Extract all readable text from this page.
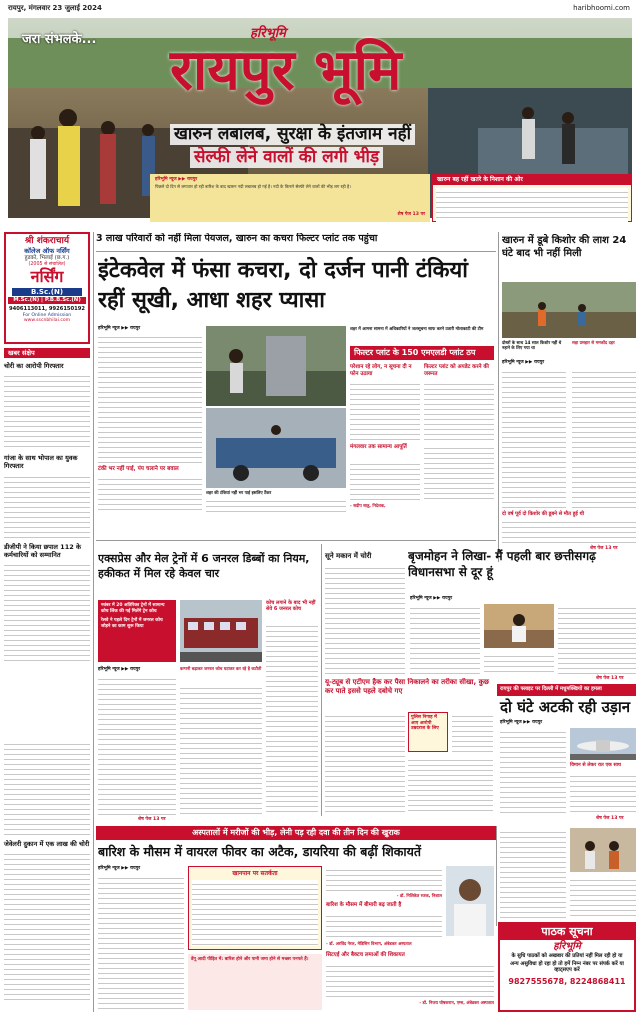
रायपुर, मंगलवार 23 जुलाई 2024	haribhoomi.com
जरा संभलके...	हरिभूमि
रायपुर भूमि
खारुन लबालब, सुरक्षा के इंतजाम नहीं
सेल्फी लेने वालों की लगी भीड़
हरिभूमि न्यूज ▶▶ रायपुर
पिछले दो दिन से लगातार हो रही बारिश के बाद खारुन नदी लबालब हो गई है। नदी के किनारे सेल्फी लेने वालों की भीड़ लग रही है।
शेष पेज 13 पर
खारुन बह रहीं खतरे के निशान की ओर
श्री शंकराचार्य
कॉलेज ऑफ नर्सिंग
हुडको, भिलाई (छ.ग.)
(2005 से संचालित)
नर्सिंग
B.Sc.(N)
M.Sc.(N) | P.B.B.Sc.(N)
9406113011, 9926150192
For Online Admission
www.sscnbhilai.com
3 लाख परिवारों को नहीं मिला पेयजल, खारुन का कचरा फिल्टर प्लांट तक पहुंचा
इंटेकवेल में फंसा कचरा, दो दर्जन पानी टंकियां रहीं सूखी, आधा शहर प्यासा
हरिभूमि न्यूज ▶▶ रायपुर	शहर में आमना सामना में अधिकारियों ने जलसूचना साफ करने उतारी मोलाकाटी की टीम
फिल्टर प्लांट के 150 एमएलडी प्लांट ठप
परेशान रहे लोग, न सूचना दी न फोन उठाया
फिल्टर प्लांट को अपडेट करने की जरूरत
मंगलवार तक सामान्य आपूर्ति
- सदीप साहू, निदेशक,
टंकी भर नहीं पाई, पंप चलाने पर बवाल
शहर की टंकियां नहीं भर पाई इसलिए टैंकर
खारुन में डूबे किशोर की लाश 24 घंटे बाद भी नहीं मिली
दोस्तों के साथ 14 साल किशोर नहीं थे नहाने के लिए गया था
सहा प्रसहार से ममकोंद दहर
हरिभूमि न्यूज ▶▶ रायपुर
दो वर्ष पूर्व दो किशोर की डूबने से मौत हुई थी
शेष पेज 13 पर
खबर संक्षेप
चोरी का आरोपी गिरफ्तार
गांजा के साथ भोपाल का युवक गिरफ्तार
डीजीपी ने किया छपाल 112 के कर्मचारियों को सम्मानित
जेवेलरी दुकान में एक लाख की चोरी
एक्सप्रेस और मेल ट्रेनों में 6 जनरल डिब्बों का नियम, हकीकत में मिल रहे केवल चार
नवंबर में 20 अतिरिक्त ट्रेनों में सामान्य कोच लिंक की गई मिलेंगे ट्रेन कोच
रेलवे ने पहले दिन ट्रेनों में जनरल कोच जोड़ने का काम शुरू किया
हरिभूमि न्यूज ▶▶ रायपुर	कम्पनी बढ़ाकर जनरल कोच घटाकर कर रहे है कटौती
कोच लगाने के बाद भी नहीं सेवे 6 जनरल कोच
शेष पेज 13 पर
सूने मकान में चोरी
यू-ट्यूब से एटीएम हैक कर पैसा निकालने का तरीका सीखा, कुछ कर पाते इससे पहले दबोचे गए
पुलिस निगाह में आए आरोपी उम्रदराज के लिए
बृजमोहन ने लिखा- मैं पहली बार छत्तीसगढ़ विधानसभा से दूर हूं
हरिभूमि न्यूज ▶▶ रायपुर
शेष पेज 13 पर
रायपुर की फ्लाइट पर दिल्ली में मधुमक्खियों का हमला
दो घंटे अटकी रही उड़ान
हरिभूमि न्यूज ▶▶ रायपुर
विमान से लेकर रात एक साथ
शेष पेज 13 पर
अस्पतालों में मरीजों की भीड़, लेनी पड़ रही दवा की तीन दिन की खुराक
बारिश के मौसम में वायरल फीवर का अटैक, डायरिया की बढ़ीं शिकायतें
हरिभूमि न्यूज ▶▶ रायपुर
खानपान पर सतर्कता
डेंगू आदी पीड़ित में: बारिश होने और पानी जमा होने से मच्छर पनपते हैं।
- डॉ. निशिकेत रजक, निशाल
बारिश के मौसम में बीमारी बढ़ जाती है
- डॉ. अरविंद नेरल, मेडिसिन विभाग, अंबेडकर अस्पताल
सिटएई और बैक्टच लमाओं की शिकायत
- डॉ. निजय घोषकरान, एम्स, अंबेडकर अस्पताल
पाठक सूचना
हरिभूमि
के सुधि पाठकों को अखबार की प्रतियां नहीं मिल रही हो या
अन्य असुविधा हो रहा हो तो हमें निम्न नंबर पर संपर्क करें या व्हाट्सएप करें
9827555678, 8224868411
